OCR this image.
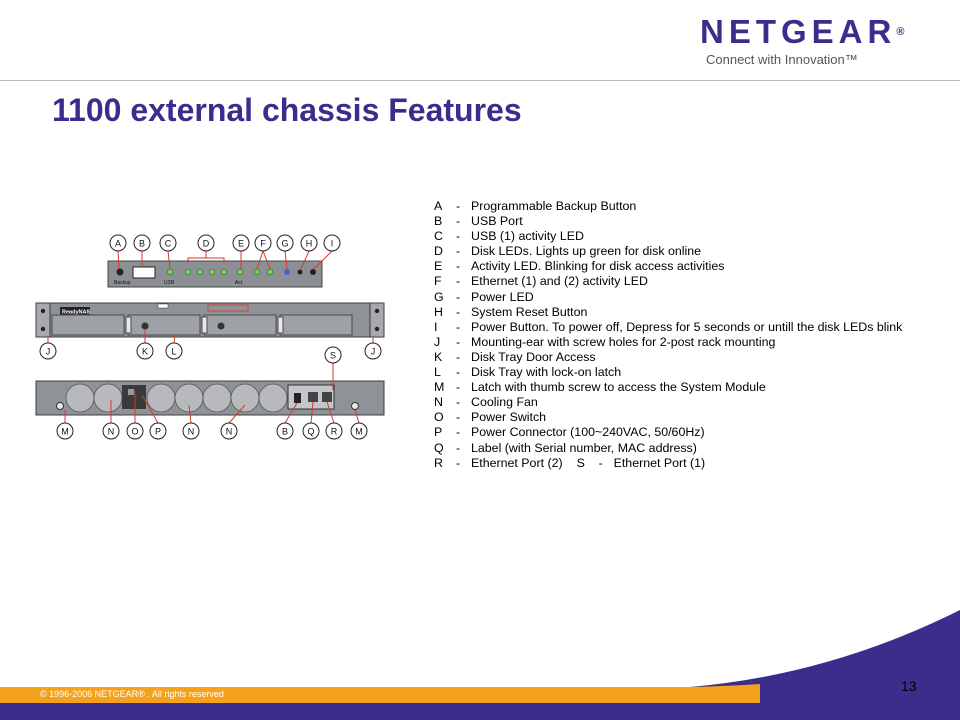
NETGEAR®
Connect with Innovation™
1100 external chassis Features
Backup	USB	Act
ReadyNAS
A B C	D	E F G H I
J	K	L	S	J
M	N O P	N	N	B Q R M
A	- Programmable Backup Button
B	- USB Port
C	- USB (1) activity LED
D	- Disk LEDs. Lights up green for disk online
E	- Activity LED. Blinking for disk access activities
F	- Ethernet (1) and (2) activity LED
G - Power LED
H	- System Reset Button
I	- Power Button. To power off, Depress for 5 seconds or untill the disk LEDs blink
J	- Mounting-ear with screw holes for 2-post rack mounting
K	- Disk Tray Door Access
L	- Disk Tray with lock-on latch
M - Latch with thumb screw to access the System Module
N	- Cooling Fan
O - Power Switch
P	- Power Connector (100~240VAC, 50/60Hz)
Q - Label (with Serial number, MAC address)
R	- Ethernet Port (2) S	- Ethernet Port (1)
© 1996-2006 NETGEAR® . All rights reserved	13
